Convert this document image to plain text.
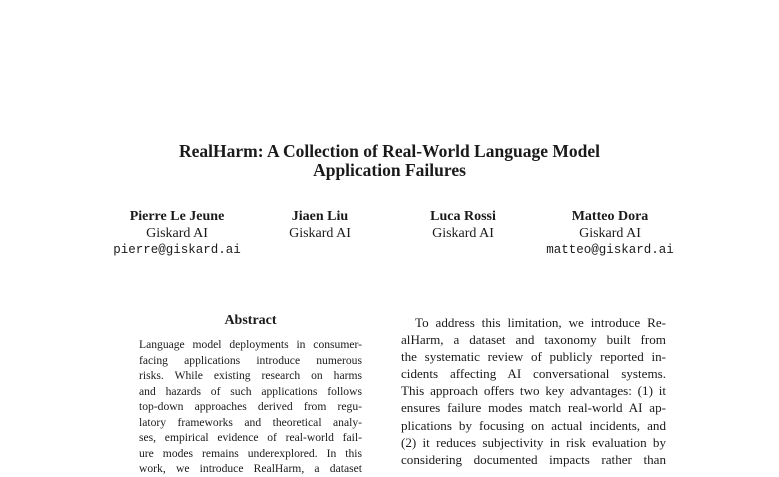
RealHarm: A Collection of Real-World Language Model
Application Failures
Pierre Le Jeune
Giskard AI
pierre@giskard.ai
Jiaen Liu
Giskard AI
Luca Rossi
Giskard AI
Matteo Dora
Giskard AI
matteo@giskard.ai
Abstract
Language model deployments in consumer-
facing applications introduce numerous
risks. While existing research on harms
and hazards of such applications follows
top-down approaches derived from regu-
latory frameworks and theoretical analy-
ses, empirical evidence of real-world fail-
ure modes remains underexplored. In this
work, we introduce RealHarm, a dataset
To address this limitation, we introduce Re-
alHarm, a dataset and taxonomy built from
the systematic review of publicly reported in-
cidents affecting AI conversational systems.
This approach offers two key advantages: (1) it
ensures failure modes match real-world AI ap-
plications by focusing on actual incidents, and
(2) it reduces subjectivity in risk evaluation by
considering documented impacts rather than
